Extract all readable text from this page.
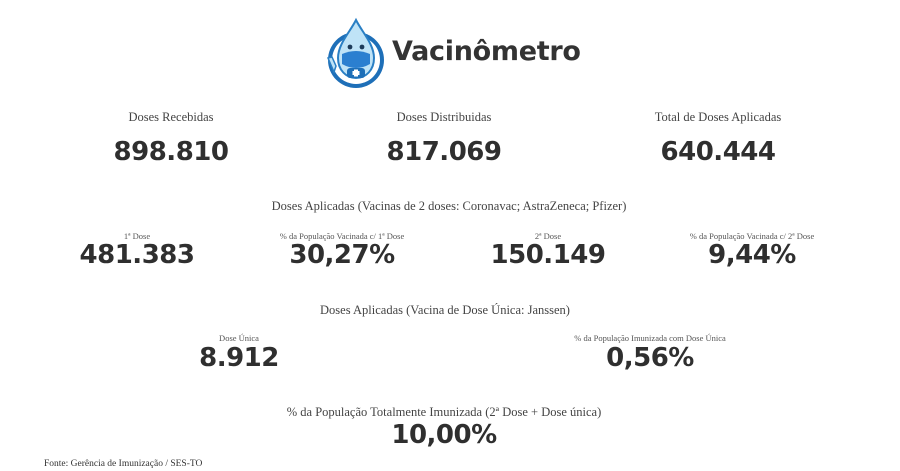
Vacinômetro
Doses Recebidas
898.810
Doses Distribuidas
817.069
Total de Doses Aplicadas
640.444
Doses Aplicadas (Vacinas de 2 doses: Coronavac; AstraZeneca; Pfizer)
1ª Dose
481.383
% da População Vacinada c/ 1ª Dose
30,27%
2ª Dose
150.149
% da População Vacinada c/ 2ª Dose
9,44%
Doses Aplicadas (Vacina de Dose Única: Janssen)
Dose Única
8.912
% da População Imunizada com Dose Única
0,56%
% da População Totalmente Imunizada (2ª Dose + Dose única)
10,00%
Fonte: Gerência de Imunização / SES-TO
